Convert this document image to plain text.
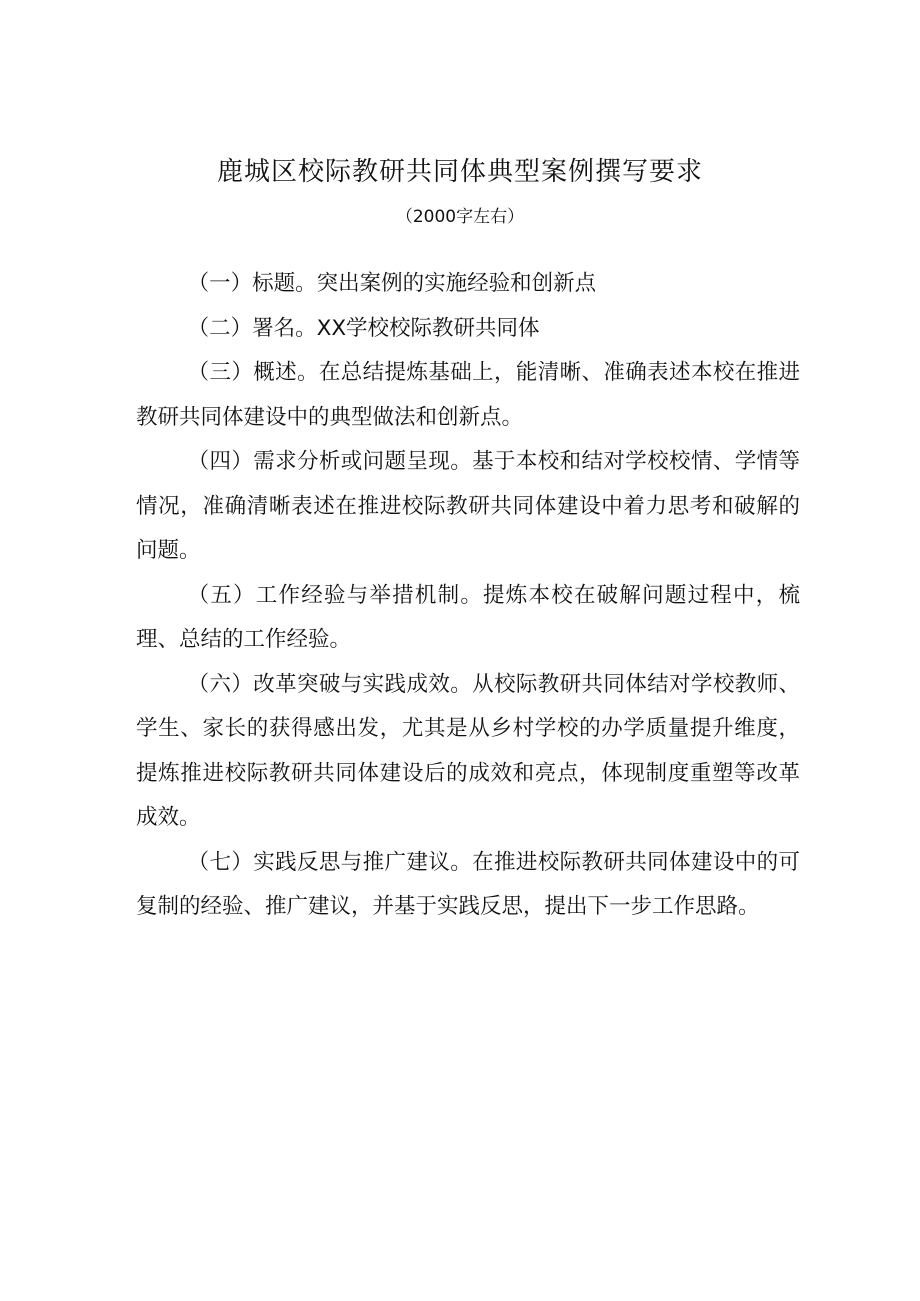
鹿城区校际教研共同体典型案例撰写要求

（2000字左右）

（一）标题。突出案例的实施经验和创新点

（二）署名。XX学校校际教研共同体

（三）概述。在总结提炼基础上，能清晰、准确表述本校在推进教研共同体建设中的典型做法和创新点。

（四）需求分析或问题呈现。基于本校和结对学校校情、学情等情况，准确清晰表述在推进校际教研共同体建设中着力思考和破解的问题。

（五）工作经验与举措机制。提炼本校在破解问题过程中，梳理、总结的工作经验。

（六）改革突破与实践成效。从校际教研共同体结对学校教师、学生、家长的获得感出发，尤其是从乡村学校的办学质量提升维度，提炼推进校际教研共同体建设后的成效和亮点，体现制度重塑等改革成效。

（七）实践反思与推广建议。在推进校际教研共同体建设中的可复制的经验、推广建议，并基于实践反思，提出下一步工作思路。
